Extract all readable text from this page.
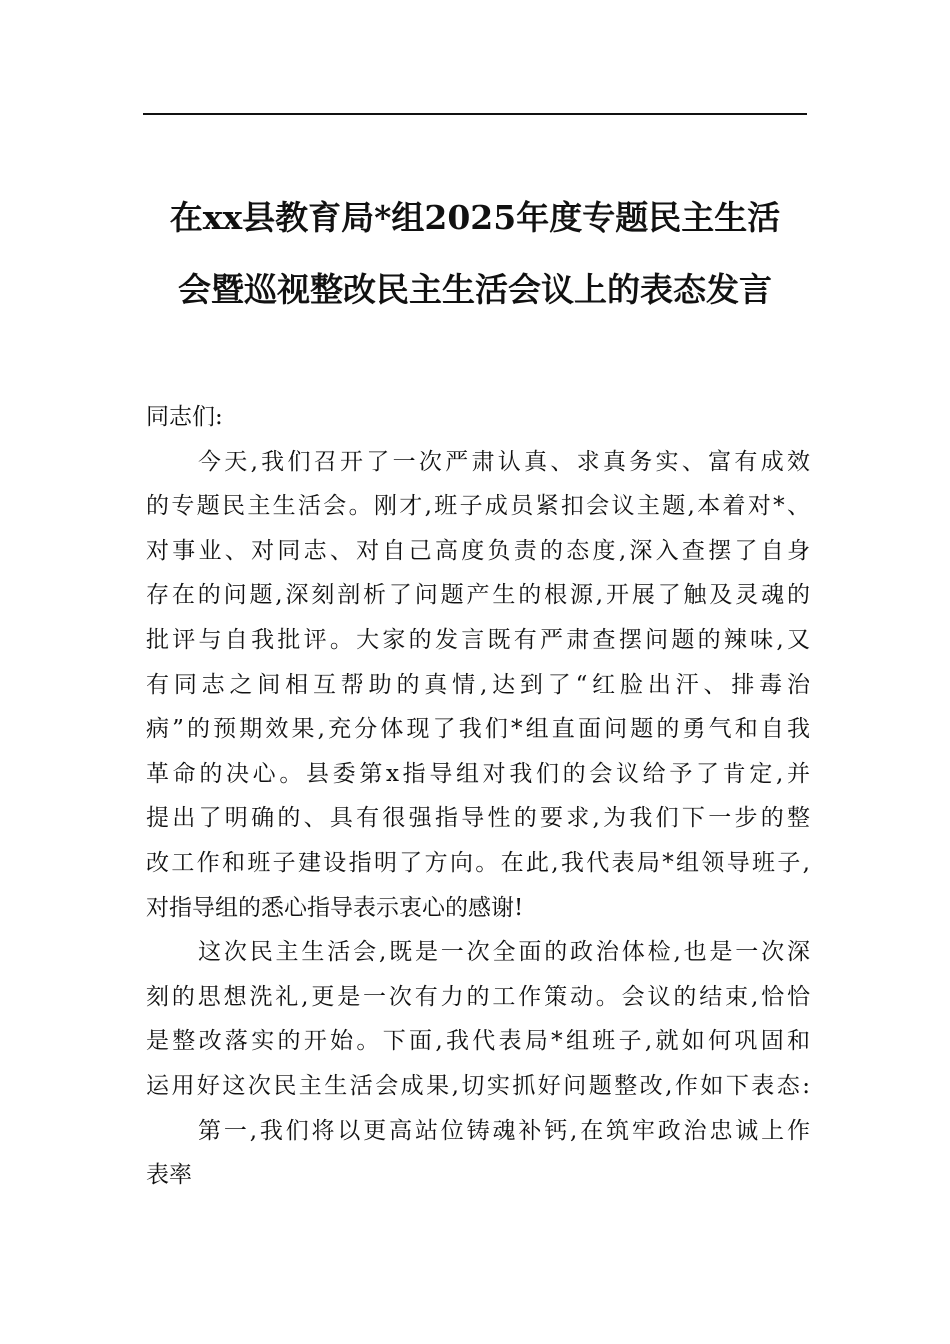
在xx县教育局*组2025年度专题民主生活
会暨巡视整改民主生活会议上的表态发言
同志们:
今天,我们召开了一次严肃认真、求真务实、富有成效
的专题民主生活会。刚才,班子成员紧扣会议主题,本着对*、
对事业、对同志、对自己高度负责的态度,深入查摆了自身
存在的问题,深刻剖析了问题产生的根源,开展了触及灵魂的
批评与自我批评。大家的发言既有严肃查摆问题的辣味,又
有同志之间相互帮助的真情,达到了“红脸出汗、排毒治
病”的预期效果,充分体现了我们*组直面问题的勇气和自我
革命的决心。县委第x指导组对我们的会议给予了肯定,并
提出了明确的、具有很强指导性的要求,为我们下一步的整
改工作和班子建设指明了方向。在此,我代表局*组领导班子,
对指导组的悉心指导表示衷心的感谢!
这次民主生活会,既是一次全面的政治体检,也是一次深
刻的思想洗礼,更是一次有力的工作策动。会议的结束,恰恰
是整改落实的开始。下面,我代表局*组班子,就如何巩固和
运用好这次民主生活会成果,切实抓好问题整改,作如下表态:
第一,我们将以更高站位铸魂补钙,在筑牢政治忠诚上作
表率
